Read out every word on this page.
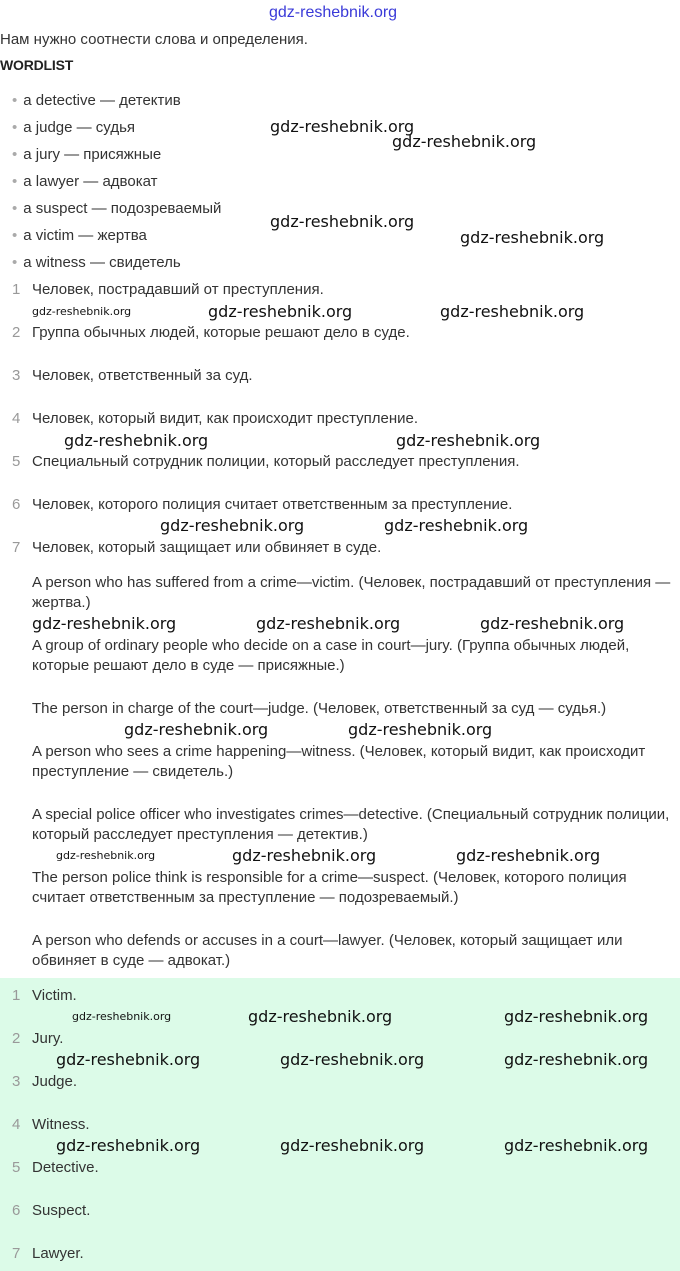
gdz-reshebnik.org
Нам нужно соотнести слова и определения.
WORDLIST
• a detective — детектив
• a judge — судья
• a jury — присяжные
• a lawyer — адвокат
• a suspect — подозреваемый
• a victim — жертва
• a witness — свидетель
1 Человек, пострадавший от преступления.
2 Группа обычных людей, которые решают дело в суде.
3 Человек, ответственный за суд.
4 Человек, который видит, как происходит преступление.
5 Специальный сотрудник полиции, который расследует преступления.
6 Человек, которого полиция считает ответственным за преступление.
7 Человек, который защищает или обвиняет в суде.
A person who has suffered from a crime—victim. (Человек, пострадавший от преступления — жертва.)
A group of ordinary people who decide on a case in court—jury. (Группа обычных людей, которые решают дело в суде — присяжные.)
The person in charge of the court—judge. (Человек, ответственный за суд — судья.)
A person who sees a crime happening—witness. (Человек, который видит, как происходит преступление — свидетель.)
A special police officer who investigates crimes—detective. (Специальный сотрудник полиции, который расследует преступления — детектив.)
The person police think is responsible for a crime—suspect. (Человек, которого полиция считает ответственным за преступление — подозреваемый.)
A person who defends or accuses in a court—lawyer. (Человек, который защищает или обвиняет в суде — адвокат.)
1 Victim.
2 Jury.
3 Judge.
4 Witness.
5 Detective.
6 Suspect.
7 Lawyer.
gdz-reshebnik.org
gdz-reshebnik.org
gdz-reshebnik.org
gdz-reshebnik.org
gdz-reshebnik.org	gdz-reshebnik.org	gdz-reshebnik.org
gdz-reshebnik.org	gdz-reshebnik.org
gdz-reshebnik.org	gdz-reshebnik.org
gdz-reshebnik.org	gdz-reshebnik.org	gdz-reshebnik.org
gdz-reshebnik.org
gdz-reshebnik.org
gdz-reshebnik.org	gdz-reshebnik.org
gdz-reshebnik.org
gdz-reshebnik.org	gdz-reshebnik.org	gdz-reshebnik.org
gdz-reshebnik.org	gdz-reshebnik.org	gdz-reshebnik.org
gdz-reshebnik.org	gdz-reshebnik.org	gdz-reshebnik.org
